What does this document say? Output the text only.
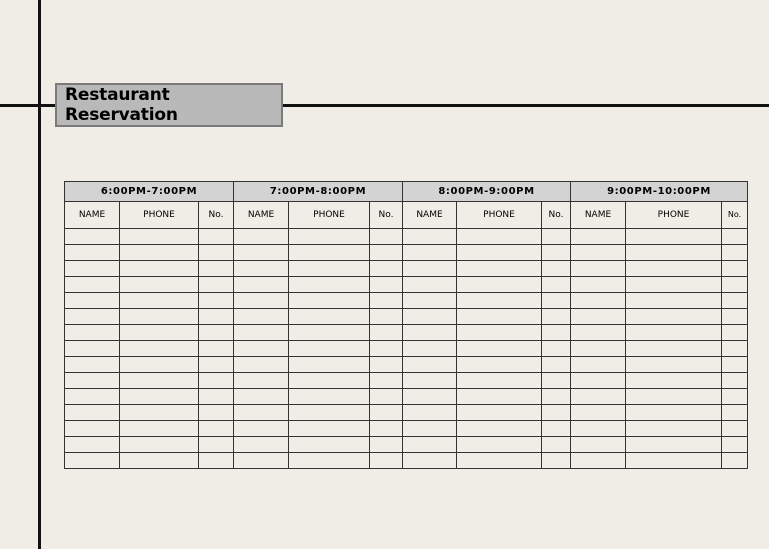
Restaurant Reservation
6:00PM-7:00PM			7:00PM-8:00PM			8:00PM-9:00PM			9:00PM-10:00PM		
NAME	PHONE	No.	NAME	PHONE	No.	NAME	PHONE	No.	NAME	PHONE	No.
